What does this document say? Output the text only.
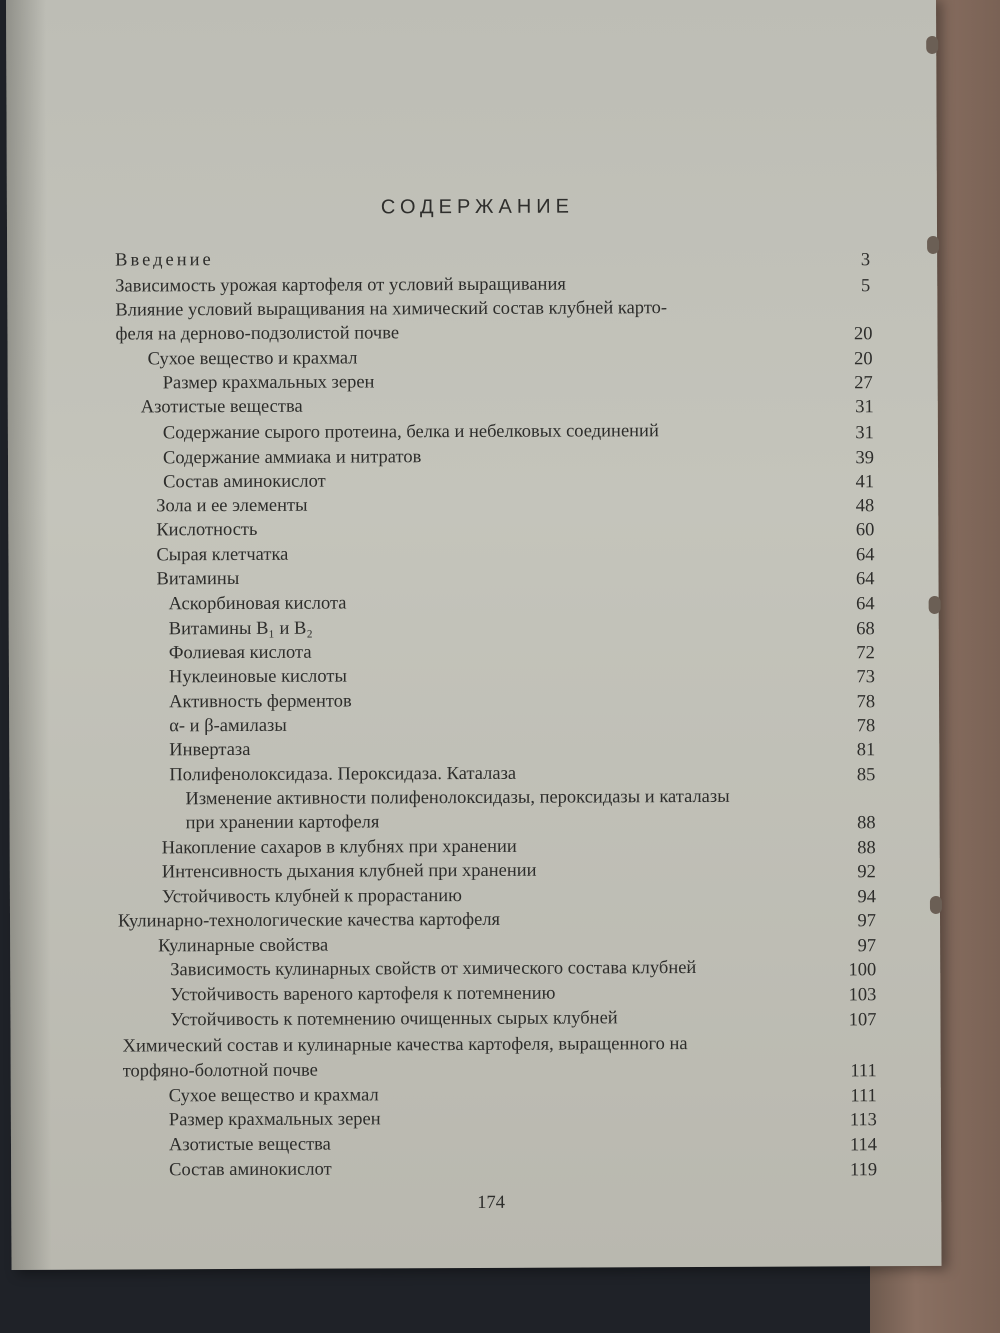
СОДЕРЖАНИЕ
Введение	3
Зависимость урожая картофеля от условий выращивания	5
Влияние условий выращивания на химический состав клубней карто-
феля на дерново-подзолистой почве	20
Сухое вещество и крахмал	20
Размер крахмальных зерен	27
Азотистые вещества	31
Содержание сырого протеина, белка и небелковых соединений	31
Содержание аммиака и нитратов	39
Состав аминокислот	41
Зола и ее элементы	48
Кислотность	60
Сырая клетчатка	64
Витамины	64
Аскорбиновая кислота	64
Витамины B₁ и B₂	68
Фолиевая кислота	72
Нуклеиновые кислоты	73
Активность ферментов	78
α- и β-амилазы	78
Инвертаза	81
Полифенолоксидаза. Пероксидаза. Каталаза	85
Изменение активности полифенолоксидазы, пероксидазы и каталазы
при хранении картофеля	88
Накопление сахаров в клубнях при хранении	88
Интенсивность дыхания клубней при хранении	92
Устойчивость клубней к прорастанию	94
Кулинарно-технологические качества картофеля	97
Кулинарные свойства	97
Зависимость кулинарных свойств от химического состава клубней	100
Устойчивость вареного картофеля к потемнению	103
Устойчивость к потемнению очищенных сырых клубней	107
Химический состав и кулинарные качества картофеля, выращенного на
торфяно-болотной почве	111
Сухое вещество и крахмал	111
Размер крахмальных зерен	113
Азотистые вещества	114
Состав аминокислот	119
174
